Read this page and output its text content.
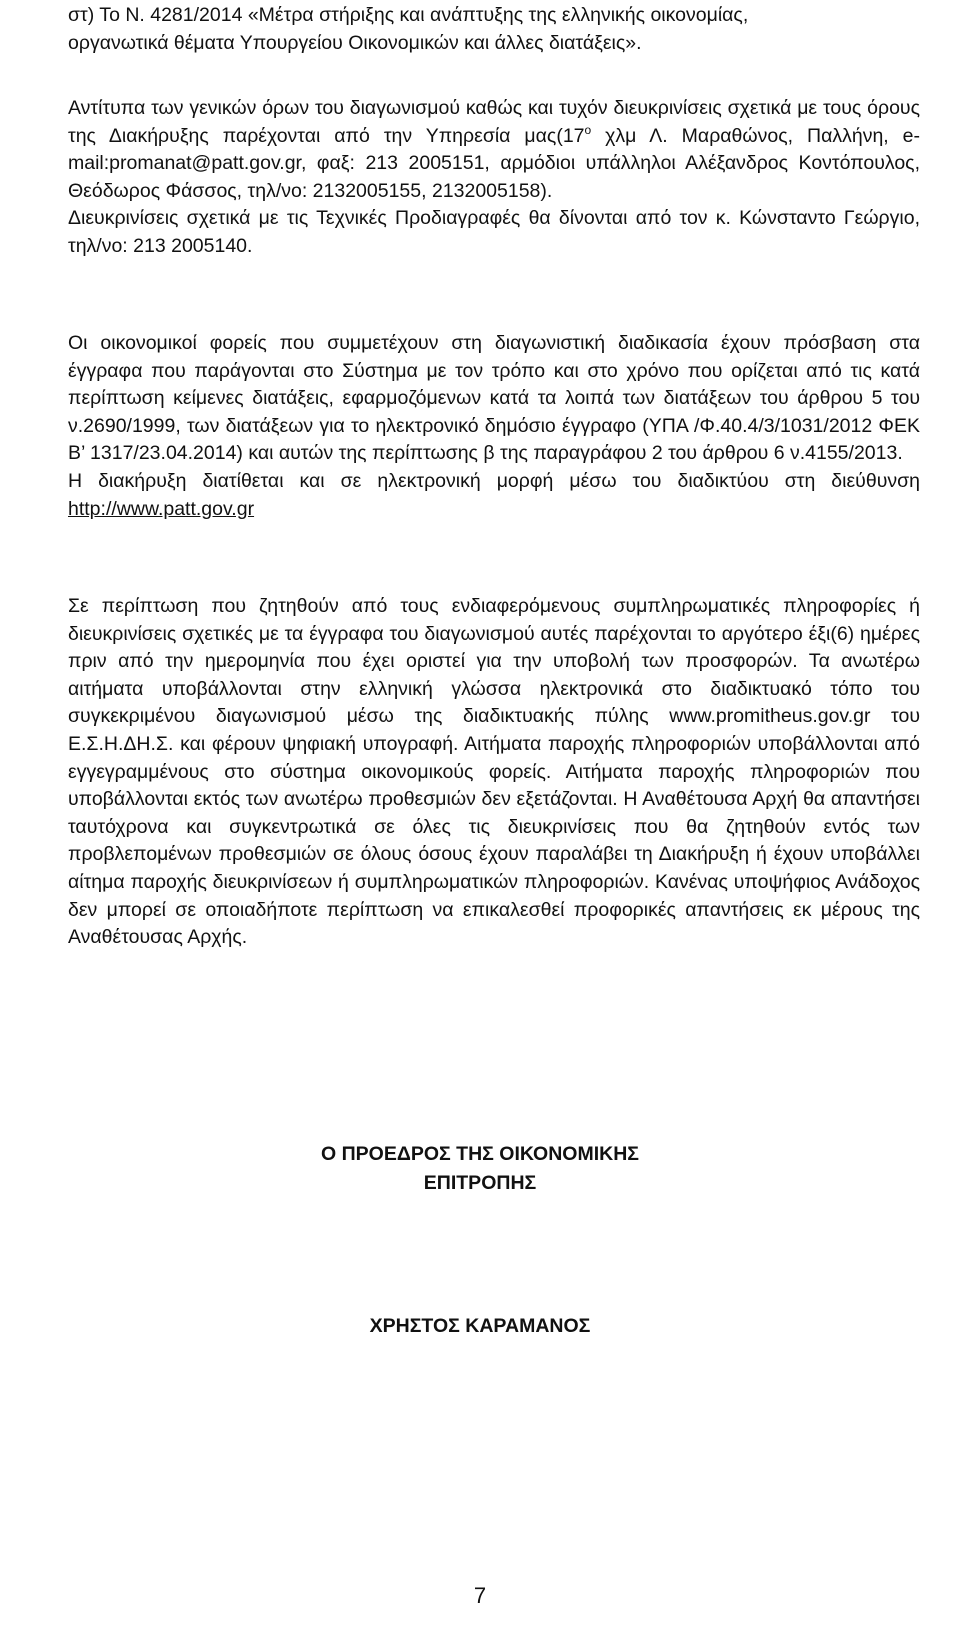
στ) Το Ν. 4281/2014 «Μέτρα στήριξης και ανάπτυξης της ελληνικής οικονομίας,
οργανωτικά θέματα Υπουργείου Οικονομικών και άλλες διατάξεις».

Αντίτυπα των γενικών όρων του διαγωνισμού καθώς και τυχόν διευκρινίσεις σχετικά με τους όρους της Διακήρυξης παρέχονται από την Υπηρεσία $\mu\alpha\varsigma(17^o$ χλμ Λ. Μαραθώνος, Παλλήνη, e-mail:promanat@patt.gov.gr, φαξ: 213 2005151, αρμόδιοι υπάλληλοι Αλέξανδρος Κοντόπουλος, Θεόδωρος Φάσσος, τηλ/νο: 2132005155, 2132005158).
Διευκρινίσεις σχετικά με τις Τεχνικές Προδιαγραφές θα δίνονται από τον κ. Κώνσταντο Γεώργιο, τηλ/νο: 213 2005140.

Οι οικονομικοί φορείς που συμμετέχουν στη διαγωνιστική διαδικασία έχουν πρόσβαση στα έγγραφα που παράγονται στο Σύστημα με τον τρόπο και στο χρόνο που ορίζεται από τις κατά περίπτωση κείμενες διατάξεις, εφαρμοζόμενων κατά τα λοιπά των διατάξεων του άρθρου 5 του ν.2690/1999, των διατάξεων για το ηλεκτρονικό δημόσιο έγγραφο (ΥΠΑ /Φ.40.4/3/1031/2012 ΦΕΚ Β’ 1317/23.04.2014) και αυτών της περίπτωσης β της παραγράφου 2 του άρθρου 6 ν.4155/2013.
Η διακήρυξη διατίθεται και σε ηλεκτρονική μορφή μέσω του διαδικτύου στη διεύθυνση http://www.patt.gov.gr

Σε περίπτωση που ζητηθούν από τους ενδιαφερόμενους συμπληρωματικές πληροφορίες ή διευκρινίσεις σχετικές με τα έγγραφα του διαγωνισμού αυτές παρέχονται το αργότερο έξι(6) ημέρες πριν από την ημερομηνία που έχει οριστεί για την υποβολή των προσφορών. Τα ανωτέρω αιτήματα υποβάλλονται στην ελληνική γλώσσα ηλεκτρονικά στο διαδικτυακό τόπο του συγκεκριμένου διαγωνισμού μέσω της διαδικτυακής πύλης www.promitheus.gov.gr του Ε.Σ.Η.ΔΗ.Σ. και φέρουν ψηφιακή υπογραφή. Αιτήματα παροχής πληροφοριών υποβάλλονται από εγγεγραμμένους στο σύστημα οικονομικούς φορείς. Αιτήματα παροχής πληροφοριών που υποβάλλονται εκτός των ανωτέρω προθεσμιών δεν εξετάζονται. Η Αναθέτουσα Αρχή θα απαντήσει ταυτόχρονα και συγκεντρωτικά σε όλες τις διευκρινίσεις που θα ζητηθούν εντός των προβλεπομένων προθεσμιών σε όλους όσους έχουν παραλάβει τη Διακήρυξη ή έχουν υποβάλλει αίτημα παροχής διευκρινίσεων ή συμπληρωματικών πληροφοριών. Κανένας υποψήφιος Ανάδοχος δεν μπορεί σε οποιαδήποτε περίπτωση να επικαλεσθεί προφορικές απαντήσεις εκ μέρους της Αναθέτουσας Αρχής.

Ο ΠΡΟΕΔΡΟΣ ΤΗΣ ΟΙΚΟΝΟΜΙΚΗΣ
ΕΠΙΤΡΟΠΗΣ

ΧΡΗΣΤΟΣ ΚΑΡΑΜΑΝΟΣ

7
